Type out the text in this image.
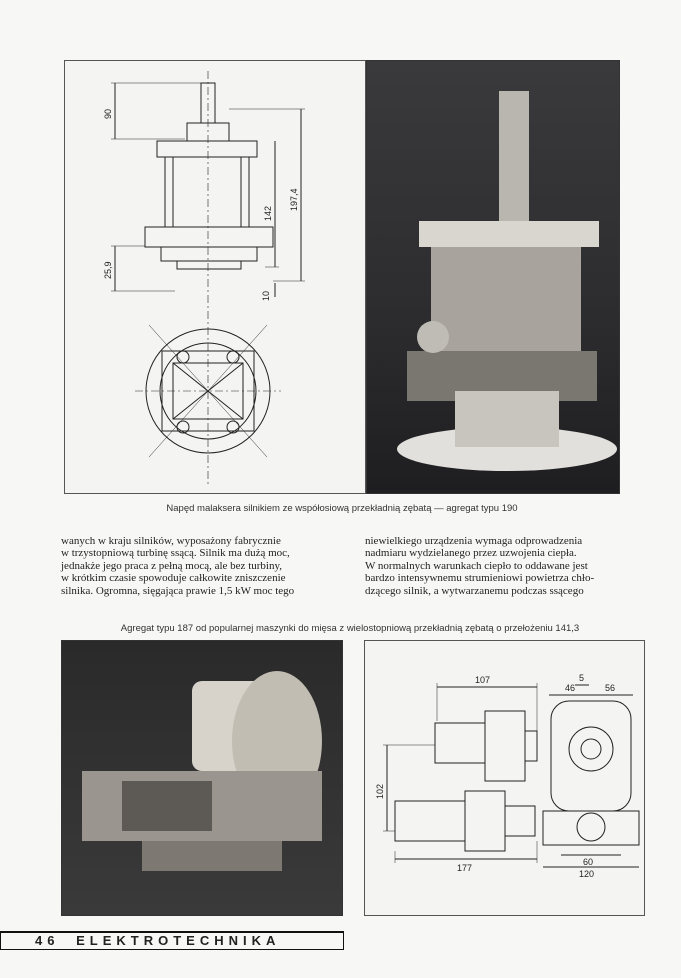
90
197,4
142
25,9
10
Napęd malaksera silnikiem ze współosiową przekładnią zębatą — agregat typu 190
wanych w kraju silników, wyposażony fabrycznie
w trzystopniową turbinę ssącą. Silnik ma dużą moc,
jednakże jego praca z pełną mocą, ale bez turbiny,
w krótkim czasie spowoduje całkowite zniszczenie
silnika. Ogromna, sięgająca prawie 1,5 kW moc tego
niewielkiego urządzenia wymaga odprowadzenia
nadmiaru wydzielanego przez uzwojenia ciepła.
W normalnych warunkach ciepło to oddawane jest
bardzo intensywnemu strumieniowi powietrza chło-
dzącego silnik, a wytwarzanemu podczas ssącego
Agregat typu 187 od popularnej maszynki do mięsa z wielostopniową przekładnią zębatą o przełożeniu 141,3
107
46	56
5
102
177
60
120
46 ELEKTROTECHNIKA
